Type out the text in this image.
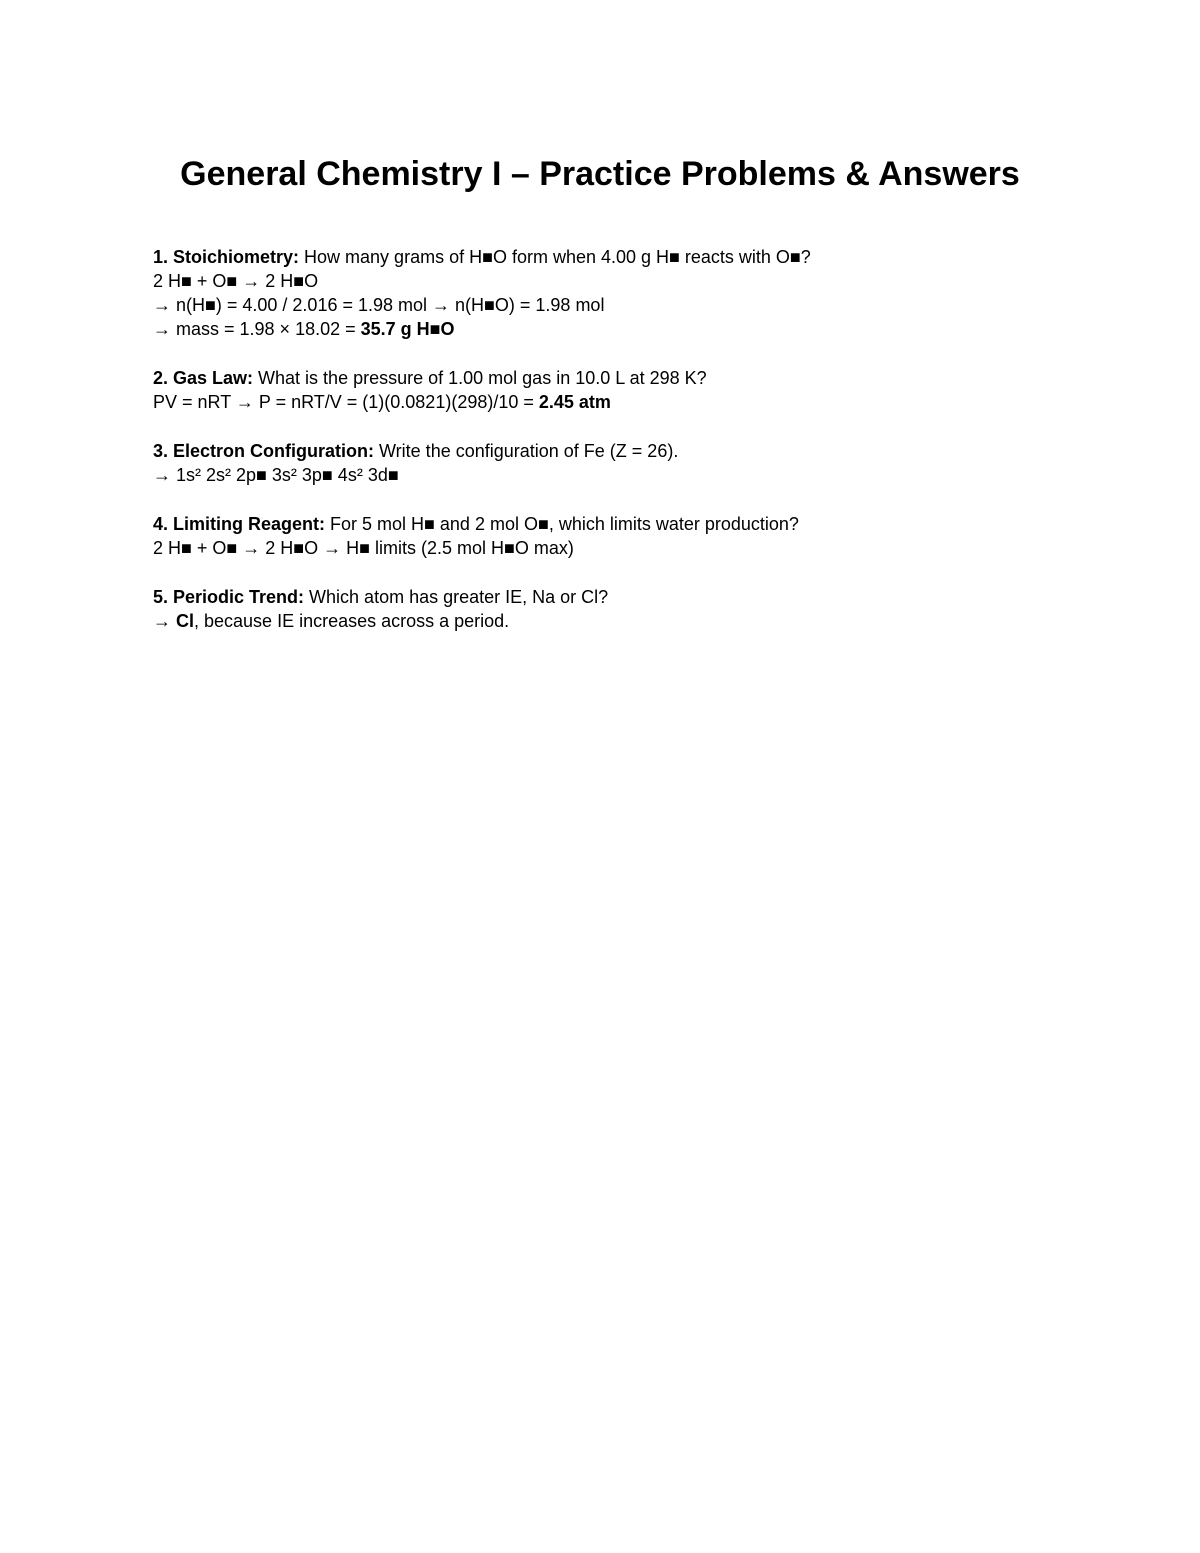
General Chemistry I – Practice Problems & Answers
1. Stoichiometry: How many grams of H■O form when 4.00 g H■ reacts with O■?
2 H■ + O■ → 2 H■O
→ n(H■) = 4.00 / 2.016 = 1.98 mol → n(H■O) = 1.98 mol
→ mass = 1.98 × 18.02 = 35.7 g H■O
2. Gas Law: What is the pressure of 1.00 mol gas in 10.0 L at 298 K?
PV = nRT → P = nRT/V = (1)(0.0821)(298)/10 = 2.45 atm
3. Electron Configuration: Write the configuration of Fe (Z = 26).
→ 1s² 2s² 2p■ 3s² 3p■ 4s² 3d■
4. Limiting Reagent: For 5 mol H■ and 2 mol O■, which limits water production?
2 H■ + O■ → 2 H■O → H■ limits (2.5 mol H■O max)
5. Periodic Trend: Which atom has greater IE, Na or Cl?
→ Cl, because IE increases across a period.
